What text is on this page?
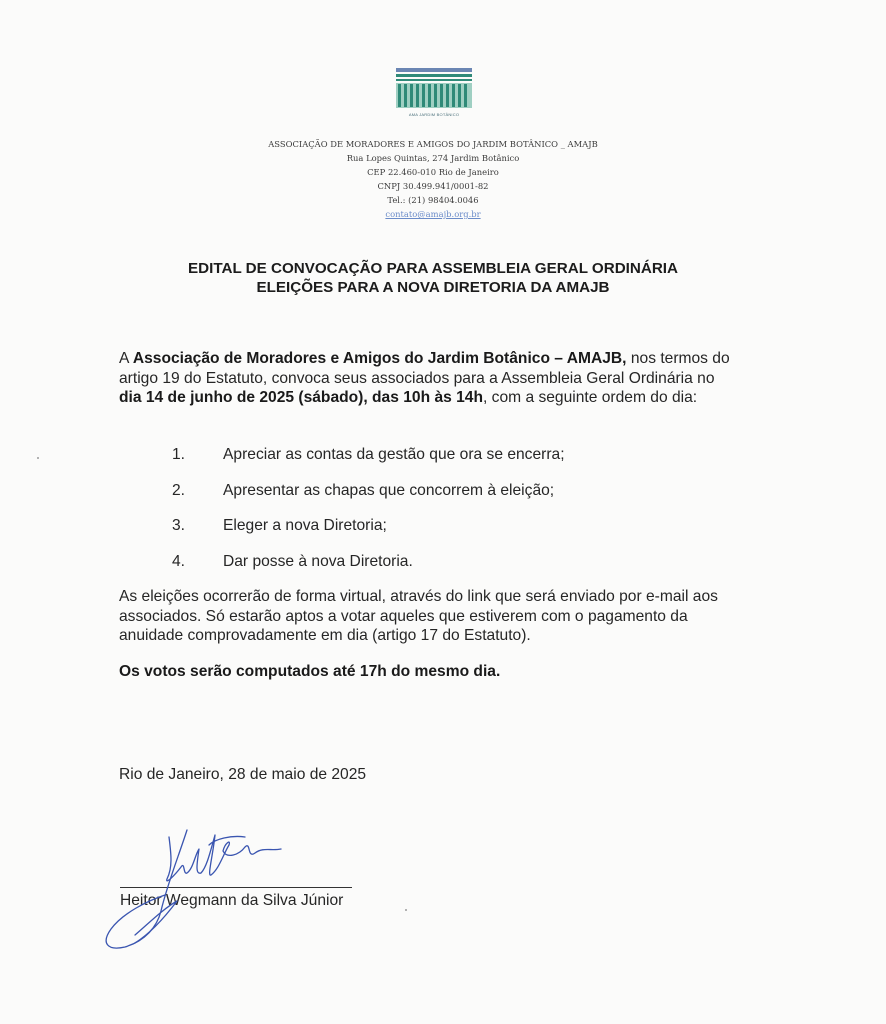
AMA JARDIM BOTÂNICO
ASSOCIAÇÃO DE MORADORES E AMIGOS DO JARDIM BOTÂNICO _ AMAJB
Rua Lopes Quintas, 274 Jardim Botânico
CEP 22.460-010 Rio de Janeiro
CNPJ 30.499.941/0001-82
Tel.: (21) 98404.0046
contato@amajb.org.br
EDITAL DE CONVOCAÇÃO PARA ASSEMBLEIA GERAL ORDINÁRIA
ELEIÇÕES PARA A NOVA DIRETORIA DA AMAJB
A Associação de Moradores e Amigos do Jardim Botânico – AMAJB, nos termos do artigo 19 do Estatuto, convoca seus associados para a Assembleia Geral Ordinária no dia 14 de junho de 2025 (sábado), das 10h às 14h, com a seguinte ordem do dia:
1. Apreciar as contas da gestão que ora se encerra;
2. Apresentar as chapas que concorrem à eleição;
3. Eleger a nova Diretoria;
4. Dar posse à nova Diretoria.
As eleições ocorrerão de forma virtual, através do link que será enviado por e-mail aos associados. Só estarão aptos a votar aqueles que estiverem com o pagamento da anuidade comprovadamente em dia (artigo 17 do Estatuto).
Os votos serão computados até 17h do mesmo dia.
Rio de Janeiro, 28 de maio de 2025
Heitor Wegmann da Silva Júnior
